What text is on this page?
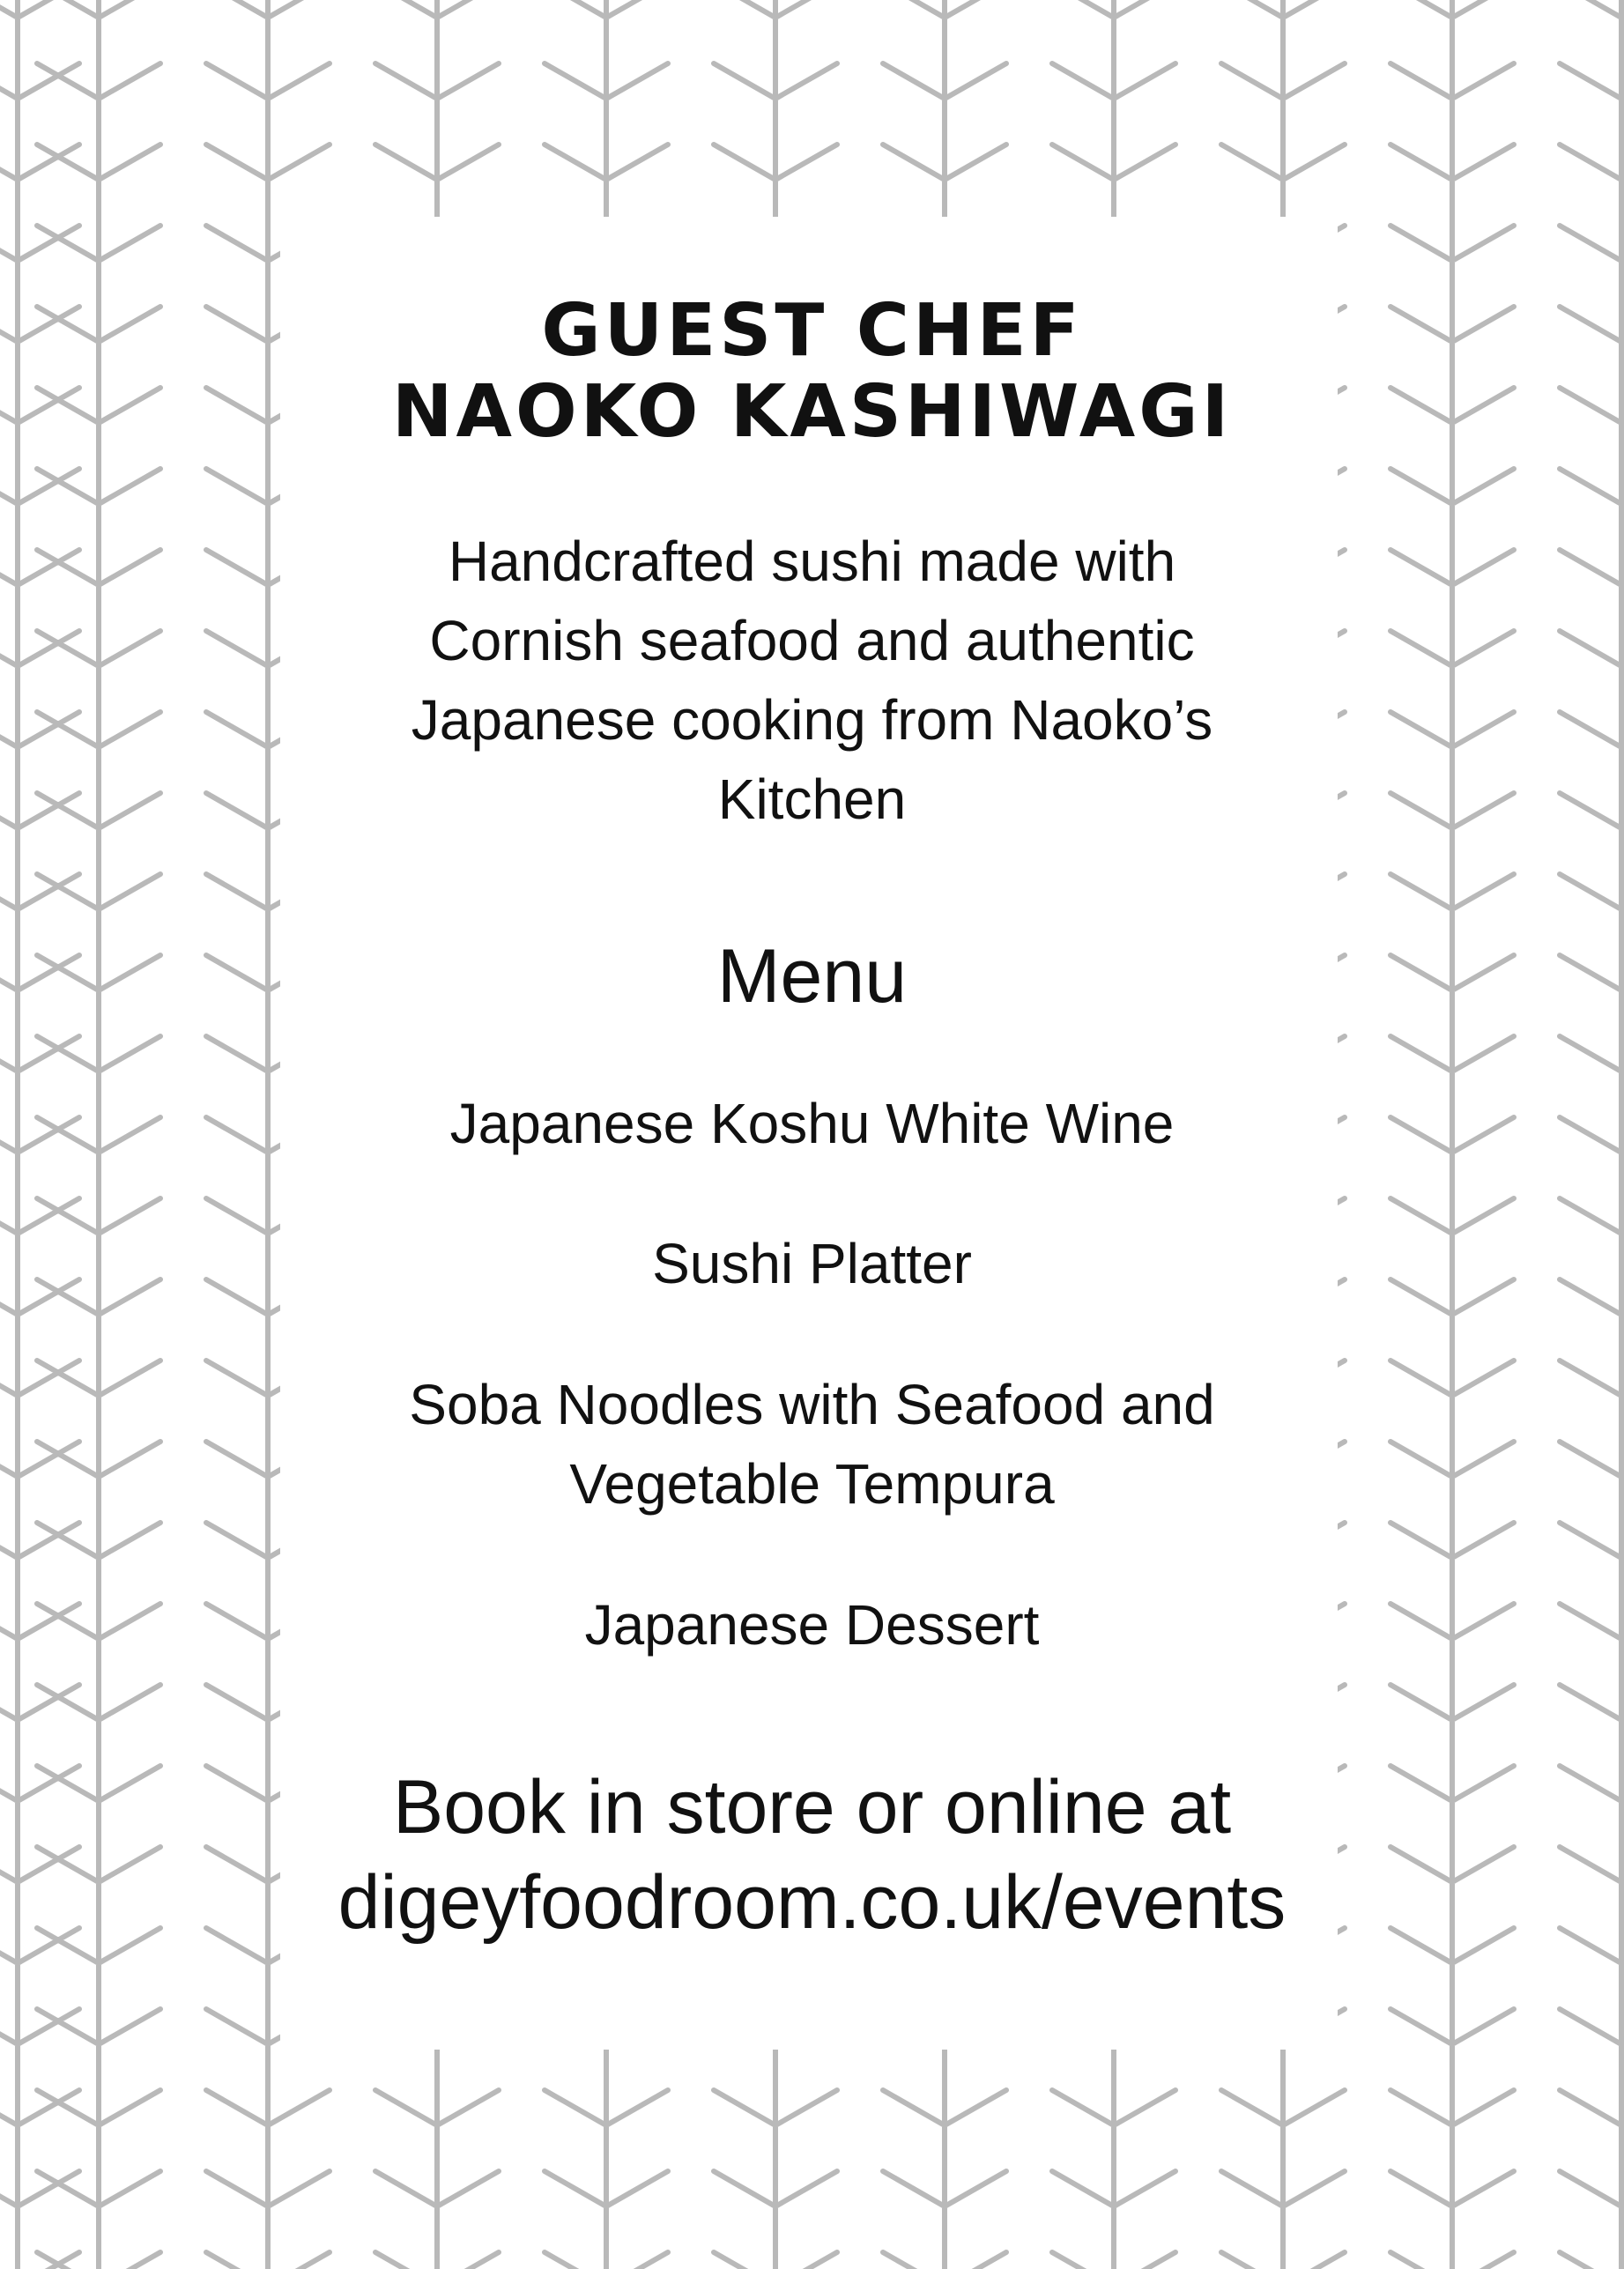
GUEST CHEF
NAOKO KASHIWAGI
Handcrafted sushi made with
Cornish seafood and authentic
Japanese cooking from Naoko’s
Kitchen
Menu
Japanese Koshu White Wine
Sushi Platter
Soba Noodles with Seafood and
Vegetable Tempura
Japanese Dessert
Book in store or online at
digeyfoodroom.co.uk/events
